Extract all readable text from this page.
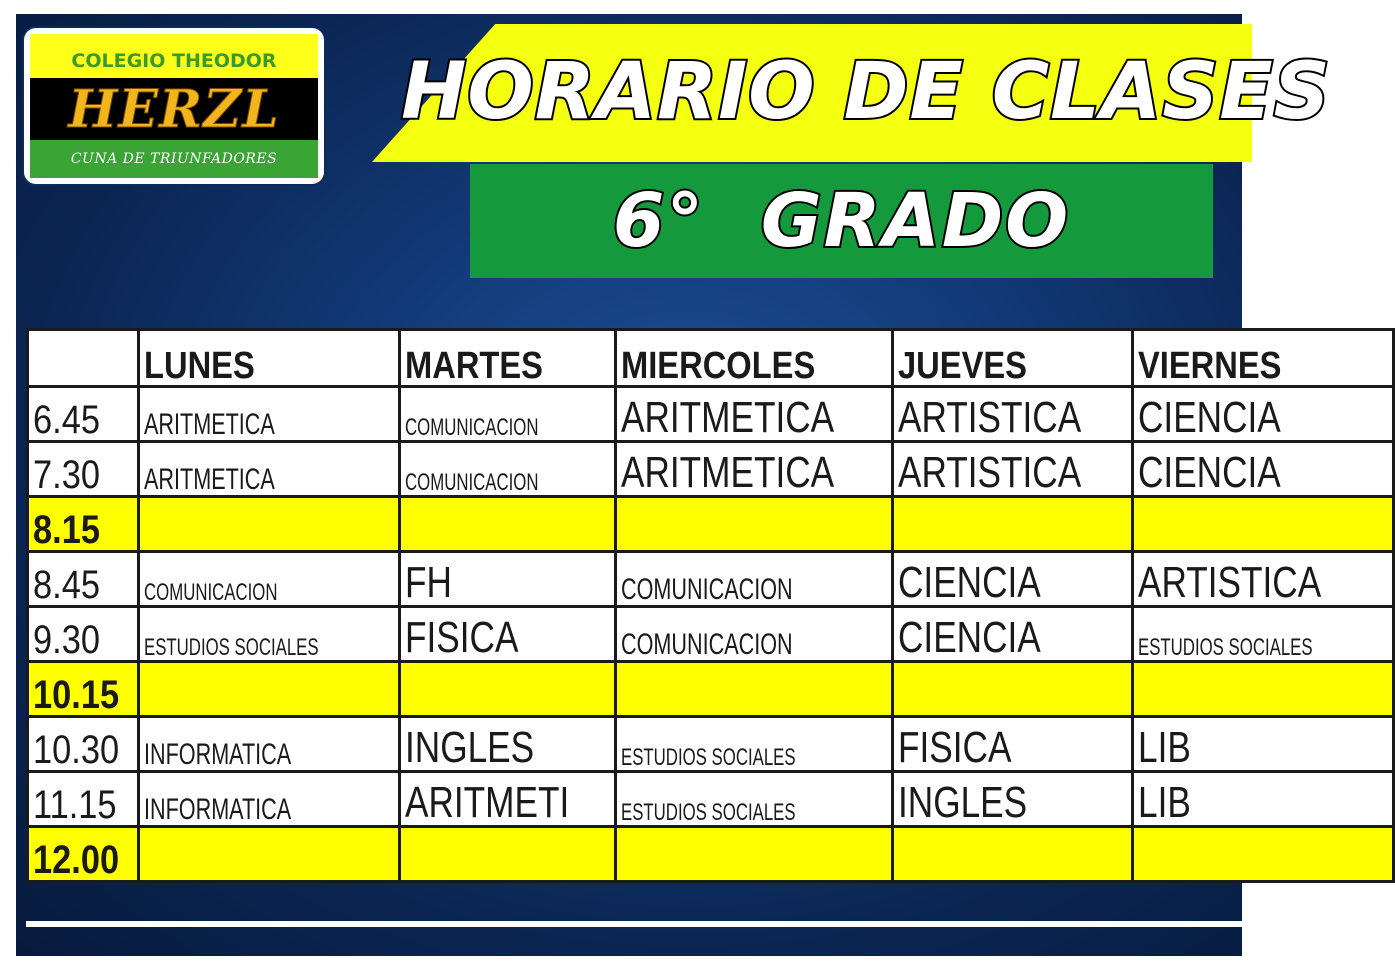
COLEGIO THEODOR
HERZL
CUNA DE TRIUNFADORES
HORARIO DE CLASES
6°  GRADO
	LUNES	MARTES	MIERCOLES	JUEVES	VIERNES
6.45	ARITMETICA	COMUNICACION	ARITMETICA	ARTISTICA	CIENCIA
7.30	ARITMETICA	COMUNICACION	ARITMETICA	ARTISTICA	CIENCIA
8.15					
8.45	COMUNICACION	FH	COMUNICACION	CIENCIA	ARTISTICA
9.30	ESTUDIOS SOCIALES	FISICA	COMUNICACION	CIENCIA	ESTUDIOS SOCIALES
10.15					
10.30	INFORMATICA	INGLES	ESTUDIOS SOCIALES	FISICA	LIB
11.15	INFORMATICA	ARITMETI	ESTUDIOS SOCIALES	INGLES	LIB
12.00					
